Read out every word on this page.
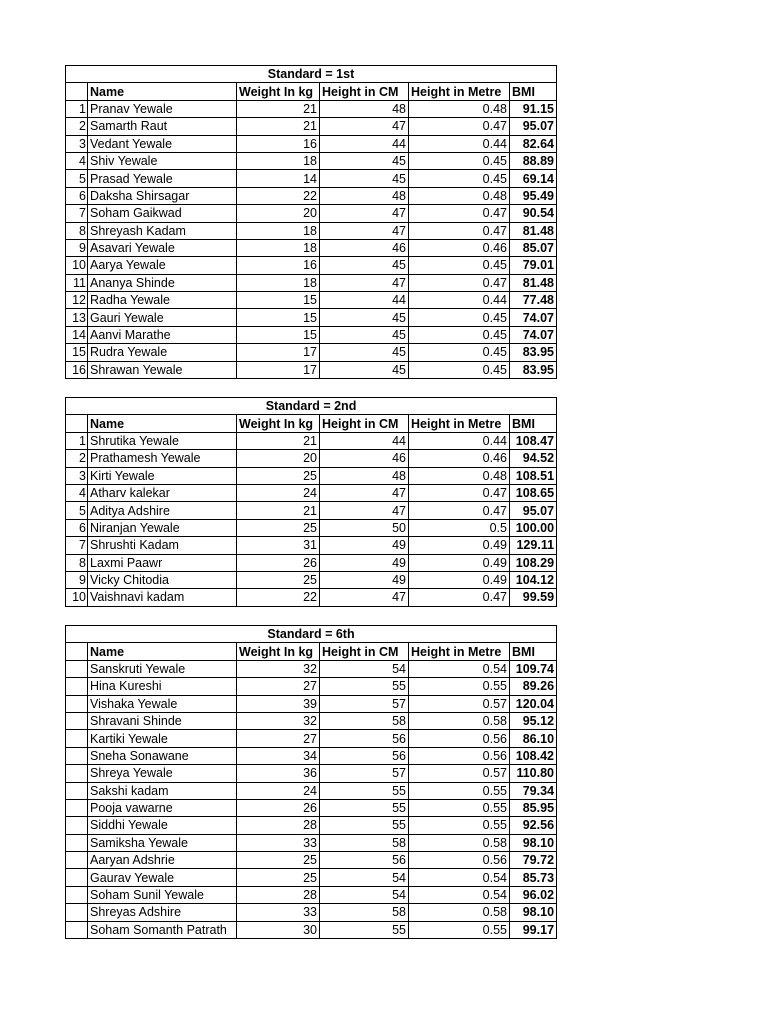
Standard = 1st					
	Name	Weight In kg	Height in CM	Height in Metre	BMI
1	Pranav Yewale	21	48	0.48	91.15
2	Samarth Raut	21	47	0.47	95.07
3	Vedant Yewale	16	44	0.44	82.64
4	Shiv Yewale	18	45	0.45	88.89
5	Prasad Yewale	14	45	0.45	69.14
6	Daksha Shirsagar	22	48	0.48	95.49
7	Soham Gaikwad	20	47	0.47	90.54
8	Shreyash Kadam	18	47	0.47	81.48
9	Asavari Yewale	18	46	0.46	85.07
10	Aarya Yewale	16	45	0.45	79.01
11	Ananya Shinde	18	47	0.47	81.48
12	Radha Yewale	15	44	0.44	77.48
13	Gauri Yewale	15	45	0.45	74.07
14	Aanvi Marathe	15	45	0.45	74.07
15	Rudra Yewale	17	45	0.45	83.95
16	Shrawan Yewale	17	45	0.45	83.95
Standard = 2nd					
	Name	Weight In kg	Height in CM	Height in Metre	BMI
1	Shrutika Yewale	21	44	0.44	108.47
2	Prathamesh Yewale	20	46	0.46	94.52
3	Kirti Yewale	25	48	0.48	108.51
4	Atharv kalekar	24	47	0.47	108.65
5	Aditya Adshire	21	47	0.47	95.07
6	Niranjan Yewale	25	50	0.5	100.00
7	Shrushti Kadam	31	49	0.49	129.11
8	Laxmi Paawr	26	49	0.49	108.29
9	Vicky Chitodia	25	49	0.49	104.12
10	Vaishnavi kadam	22	47	0.47	99.59
Standard = 6th					
	Name	Weight In kg	Height in CM	Height in Metre	BMI
	Sanskruti Yewale	32	54	0.54	109.74
	Hina Kureshi	27	55	0.55	89.26
	Vishaka Yewale	39	57	0.57	120.04
	Shravani Shinde	32	58	0.58	95.12
	Kartiki Yewale	27	56	0.56	86.10
	Sneha Sonawane	34	56	0.56	108.42
	Shreya Yewale	36	57	0.57	110.80
	Sakshi kadam	24	55	0.55	79.34
	Pooja vawarne	26	55	0.55	85.95
	Siddhi Yewale	28	55	0.55	92.56
	Samiksha Yewale	33	58	0.58	98.10
	Aaryan Adshrie	25	56	0.56	79.72
	Gaurav Yewale	25	54	0.54	85.73
	Soham Sunil Yewale	28	54	0.54	96.02
	Shreyas Adshire	33	58	0.58	98.10
	Soham Somanth Patrath	30	55	0.55	99.17
